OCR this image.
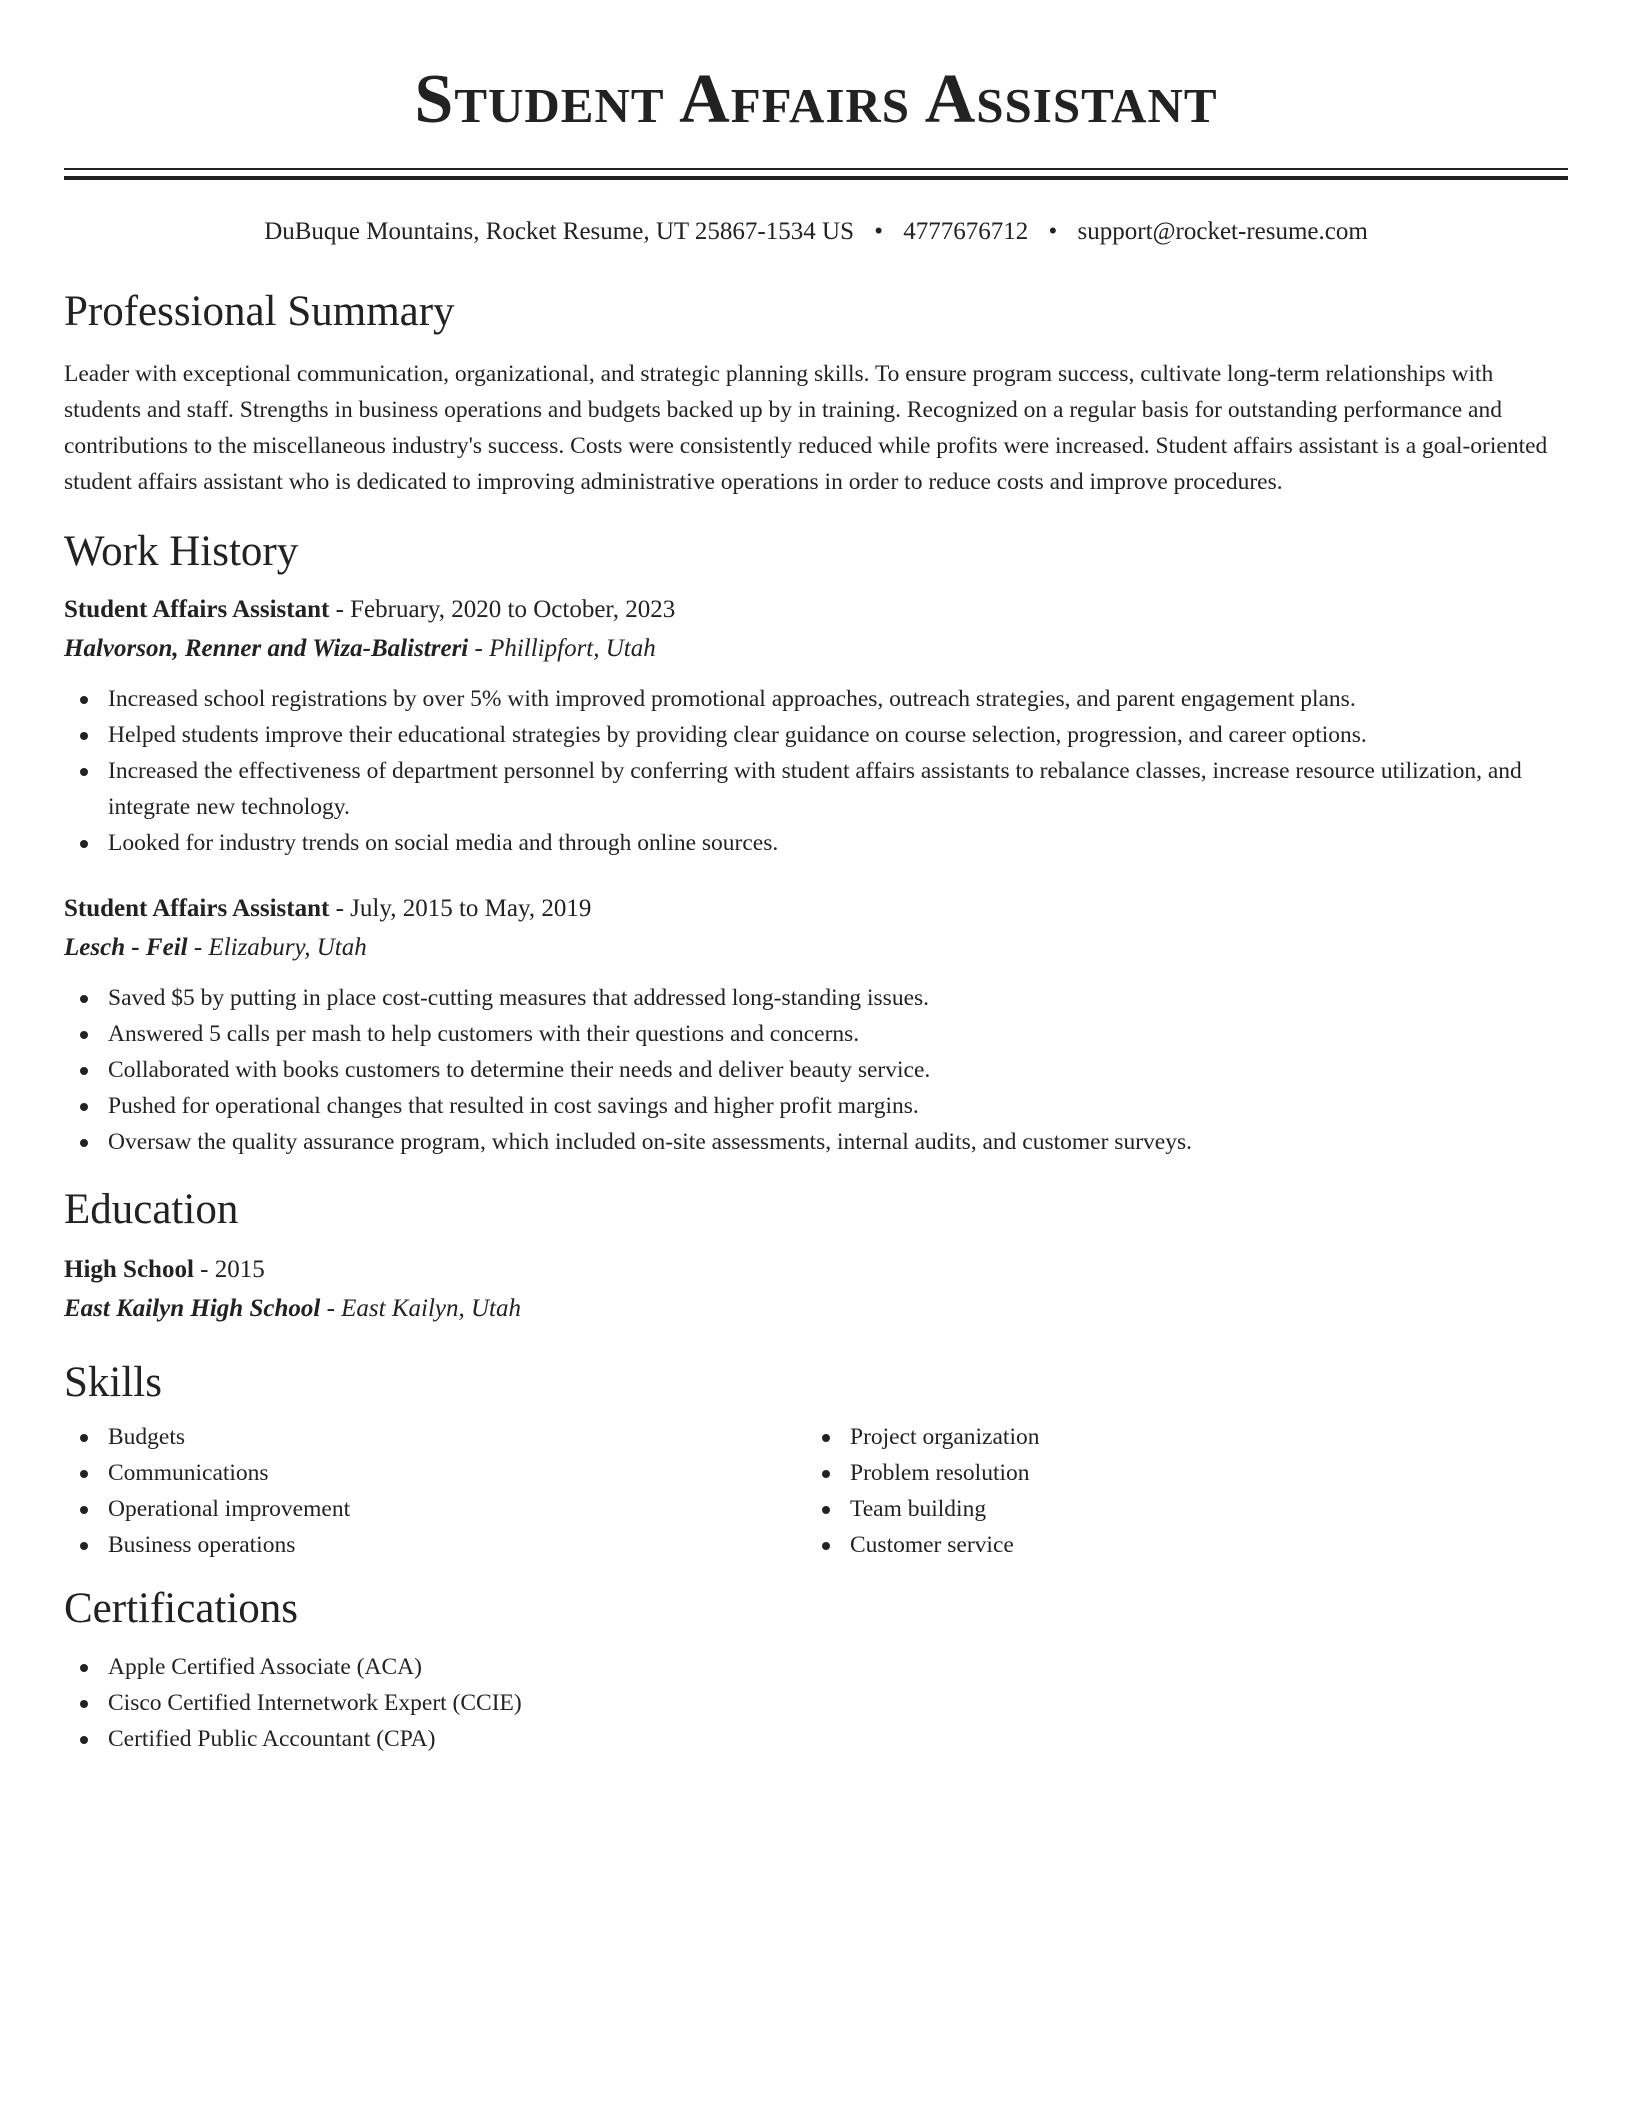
Student Affairs Assistant
DuBuque Mountains, Rocket Resume, UT 25867-1534 US • 4777676712 • support@rocket-resume.com
Professional Summary

Leader with exceptional communication, organizational, and strategic planning skills. To ensure program success, cultivate long-term relationships with students and staff. Strengths in business operations and budgets backed up by in training. Recognized on a regular basis for outstanding performance and contributions to the miscellaneous industry's success. Costs were consistently reduced while profits were increased. Student affairs assistant is a goal-oriented student affairs assistant who is dedicated to improving administrative operations in order to reduce costs and improve procedures.

Work History
Student Affairs Assistant - February, 2020 to October, 2023
Halvorson, Renner and Wiza-Balistreri - Phillipfort, Utah
Increased school registrations by over 5% with improved promotional approaches, outreach strategies, and parent engagement plans.
Helped students improve their educational strategies by providing clear guidance on course selection, progression, and career options.
Increased the effectiveness of department personnel by conferring with student affairs assistants to rebalance classes, increase resource utilization, and integrate new technology.
Looked for industry trends on social media and through online sources.
Student Affairs Assistant - July, 2015 to May, 2019
Lesch - Feil - Elizabury, Utah
Saved $5 by putting in place cost-cutting measures that addressed long-standing issues.
Answered 5 calls per mash to help customers with their questions and concerns.
Collaborated with books customers to determine their needs and deliver beauty service.
Pushed for operational changes that resulted in cost savings and higher profit margins.
Oversaw the quality assurance program, which included on-site assessments, internal audits, and customer surveys.
Education
High School - 2015
East Kailyn High School - East Kailyn, Utah
Skills
Budgets
Communications
Operational improvement
Business operations
Project organization
Problem resolution
Team building
Customer service
Certifications
Apple Certified Associate (ACA)
Cisco Certified Internetwork Expert (CCIE)
Certified Public Accountant (CPA)
